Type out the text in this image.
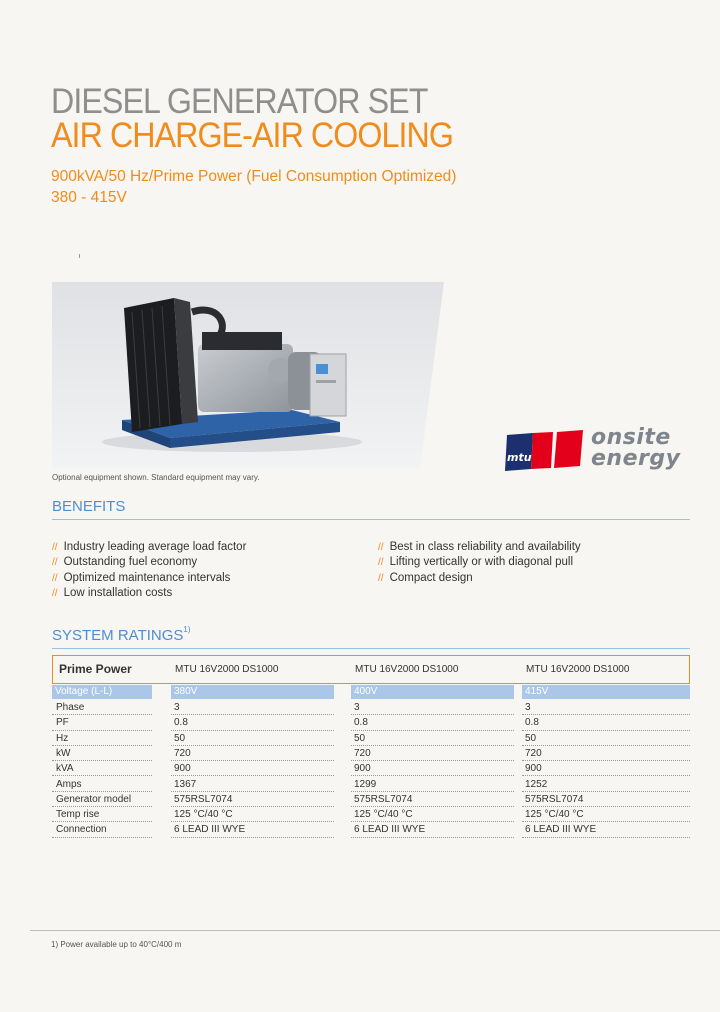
DIESEL GENERATOR SET
AIR CHARGE-AIR COOLING
900kVA/50 Hz/Prime Power (Fuel Consumption Optimized)
380 - 415V
Optional equipment shown. Standard equipment may vary.
mtu
onsite
energy
BENEFITS
// Industry leading average load factor
// Outstanding fuel economy
// Optimized maintenance intervals
// Low installation costs
// Best in class reliability and availability
// Lifting vertically or with diagonal pull
// Compact design
SYSTEM RATINGS$^{1)}$
Prime Power	MTU 16V2000 DS1000	MTU 16V2000 DS1000	MTU 16V2000 DS1000
Voltage (L-L)	380V	400V	415V
Phase	3	3	3
PF	0.8	0.8	0.8
Hz	50	50	50
kW	720	720	720
kVA	900	900	900
Amps	1367	1299	1252
Generator model	575RSL7074	575RSL7074	575RSL7074
Temp rise	125 °C/40 °C	125 °C/40 °C	125 °C/40 °C
Connection	6 LEAD III WYE	6 LEAD III WYE	6 LEAD III WYE
1) Power available up to 40°C/400 m
